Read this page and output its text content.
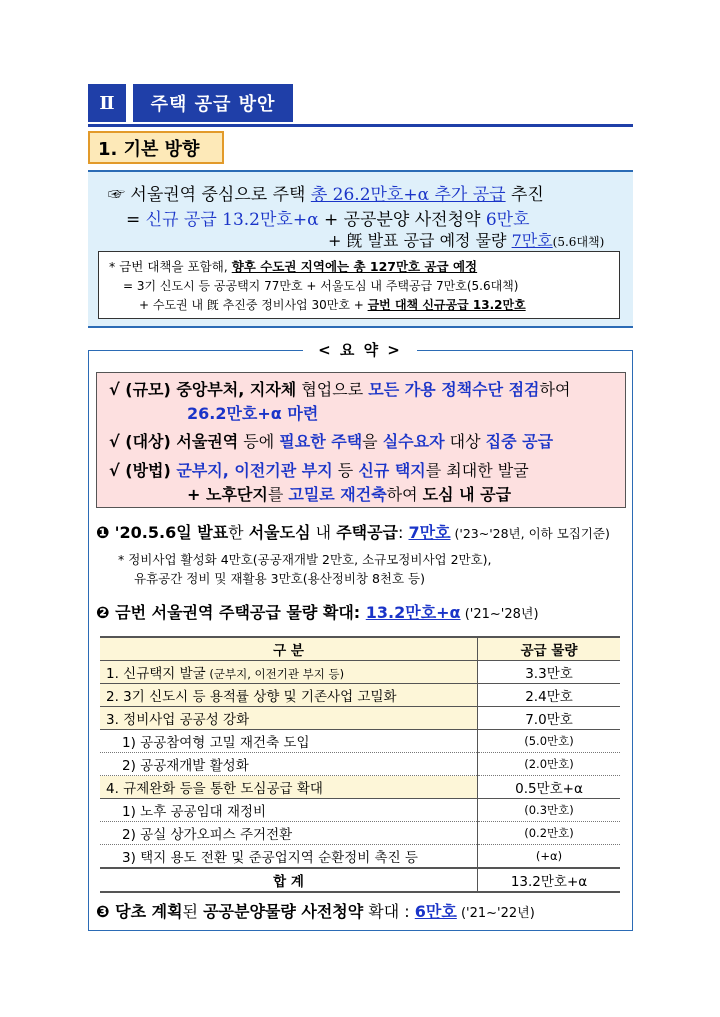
Ⅱ	주택 공급 방안
1. 기본 방향
☞ 서울권역 중심으로 주택 총 26.2만호+α 추가 공급 추진
= 신규 공급 13.2만호+α + 공공분양 사전청약 6만호
+ 旣 발표 공급 예정 물량 7만호(5.6대책)
* 금번 대책을 포함해, 향후 수도권 지역에는 총 127만호 공급 예정
= 3기 신도시 등 공공택지 77만호 + 서울도심 내 주택공급 7만호(5.6대책)
+ 수도권 내 旣 추진중 정비사업 30만호 + 금번 대책 신규공급 13.2만호
< 요 약 >
√ (규모) 중앙부처, 지자체 협업으로 모든 가용 정책수단 점검하여
26.2만호+α 마련
√ (대상) 서울권역 등에 필요한 주택을 실수요자 대상 집중 공급
√ (방법) 군부지, 이전기관 부지 등 신규 택지를 최대한 발굴
+ 노후단지를 고밀로 재건축하여 도심 내 공급
❶ '20.5.6일 발표한 서울도심 내 주택공급: 7만호 ('23~'28년, 이하 모집기준)
* 정비사업 활성화 4만호(공공재개발 2만호, 소규모정비사업 2만호),
유휴공간 정비 및 재활용 3만호(용산정비창 8천호 등)
❷ 금번 서울권역 주택공급 물량 확대: 13.2만호+α ('21~'28년)
구 분	공급 물량
1. 신규택지 발굴 (군부지, 이전기관 부지 등)	3.3만호
2. 3기 신도시 등 용적률 상향 및 기존사업 고밀화	2.4만호
3. 정비사업 공공성 강화	7.0만호
1) 공공참여형 고밀 재건축 도입	(5.0만호)
2) 공공재개발 활성화	(2.0만호)
4. 규제완화 등을 통한 도심공급 확대	0.5만호+α
1) 노후 공공임대 재정비	(0.3만호)
2) 공실 상가오피스 주거전환	(0.2만호)
3) 택지 용도 전환 및 준공업지역 순환정비 촉진 등	(+α)
합 계	13.2만호+α
❸ 당초 계획된 공공분양물량 사전청약 확대 : 6만호 ('21~'22년)
